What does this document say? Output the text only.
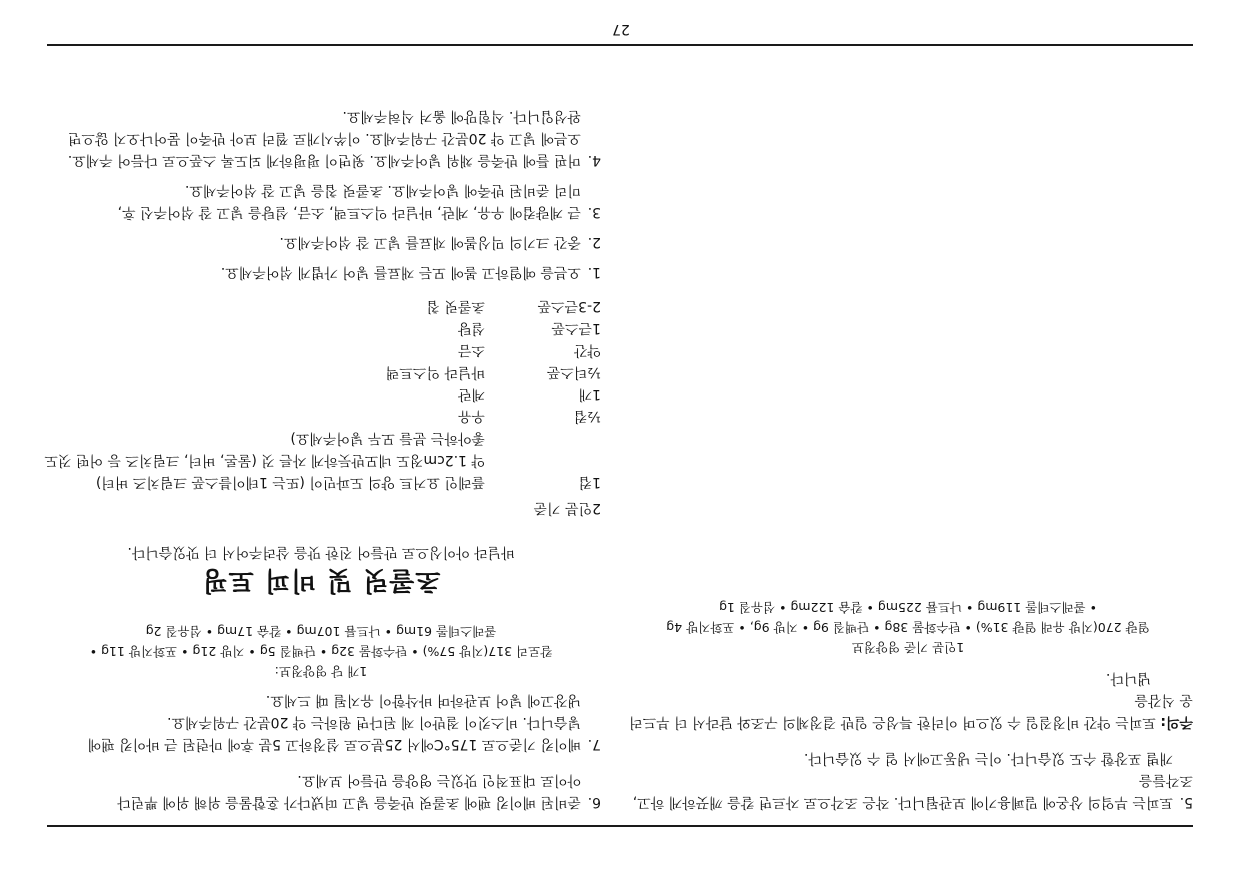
5.토피는 부엌의 상온에 밀폐용기에 보관됩니다. 작은 조각으로 자르면 칼을 깨끗하게 하고, 조각들을
개별 포장할 수도 있습니다. 이는 냉동고에서 얼 수 있습니다.
주의: 토피는 약간 비정질일 수 있으며 이러한 특성은 일반 결정체의 구조와 달라서 더 부드러운 식감을
냅니다.
1인분 기준 영양정보
열량 270(지방 유래 열량 31%) • 탄수화물 38g • 단백질 9g • 지방 9g, • 포화지방 4g
• 콜레스테롤 119mg • 나트륨 225mg • 칼슘 122mg • 섬유질 1g
6.준비된 베이킹 팬에 초콜릿 반죽을 넣고 떠냈다가 혼합물을 위해 위에 뿌린다
아이로 대표적인 맛있는 영양을 만들어 보세요.
7.베이킹 기준으로 175°C에서 25분으로 설정하고 5분 후에 마련된 큰 바이킹 팬에
넣습니다. 비스킷이 절반이 제 된다면 원하는 약 20분간 구워주세요.
냉장고에 넣어 보관하며 바삭함이 유지될 때 드세요.
1개 당 영양정보:
칼로리 317(지방 57%) • 탄수화물 32g • 단백질 5g • 지방 21g • 포화지방 11g •
콜레스테롤 61mg • 나트륨 107mg • 칼슘 17mg • 섬유질 2g
초콜릿 및 비피 토핑

바닐라 아이싱으로 만들어 진한 맛을 살려주어서 더 맛있습니다.

2인분 기준
1컵	플레인 요거트 양의 도파민이 (또는 1테이블스푼 크림치즈 버터)
약 1.2cm정도 네모반듯하게 자른 것 (물론, 버터, 크림치즈 등 어떤 것도
좋아하는 분들 모두 넣어주세요)

½컵	우유
1개	계란
½티스푼	바닐라 익스트랙
약간	소금
1큰스푼	설탕
2-3큰스푼	초콜릿 칩
1.오븐을 예열하고 볼에 모든 재료를 넣어 가볍게 섞어주세요.
2.중간 크기의 믹싱볼에 재료를 넣고 잘 섞어주세요.
3.큰 계량컵에 우유, 계란, 바닐라 익스트랙, 소금, 설탕을 넣고 잘 섞어주신 후,
미리 준비된 반죽에 넣어주세요. 초콜릿 칩을 넣고 잘 섞어주세요.
4.머핀 틀에 반죽을 채워 넣어주세요. 윗면이 평평하게 되도록 스푼으로 다듬어 주세요.
오븐에 넣고 약 20분간 구워주세요. 이쑤시개로 찔러 보아 반죽이 묻어나오지 않으면
완성입니다. 식힘망에 옮겨 식혀주세요.
27
